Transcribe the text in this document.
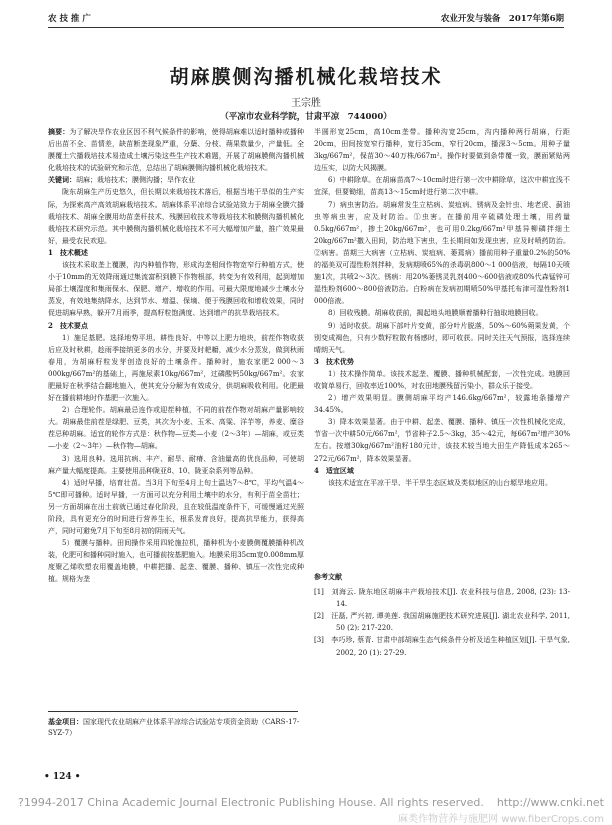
农 技 推 广	农业开发与装备　2017年第6期
胡麻膜侧沟播机械化栽培技术
王宗胜
（平凉市农业科学院，甘肃平凉　744000）

摘要：为了解决旱作农业区因不利气候条件的影响，使得胡麻难以适时播种或播种后出苗不全、苗情差，缺苗断垄现象严重，分蘖、分枝、蒴果数量少，产量低。全膜覆土穴播栽培技术易造成土壤污染这些生产技术难题，开展了胡麻膜侧沟播机械化栽培技术的试验研究和示范，总结出了胡麻膜侧沟播机械化栽培技术。

关键词：胡麻；栽培技术；膜侧沟播；旱作农业

陇东胡麻生产历史悠久，但长期以来栽培技术落后，根据当地干旱似的生产实际，为探索高产高效胡麻栽培技术。胡麻体系平凉综合试验站致力于胡麻全膜穴播栽培技术、胡麻全膜用幼苗垄秆技术、残膜回收技术等栽培技术和膜侧沟播机械化栽培技术研究示范。其中膜侧沟播机械化栽培技术不可大幅增加产量，推广效果最好，最受农民欢迎。

1　技术概述

该技术采取垄上覆膜，沟内种植作物，形成沟垄相间作物宽窄行种植方式，使小于10mm的无效降雨通过集流富积到膜下作物根部，转变为有效利用，起到增加局部土壤湿度和集雨保水、保肥、增产、增收的作用。可最大限度地减少土壤水分蒸发，有效地集纳降水，达到节水、增温、保墒、便于残膜回收和增收效果，同时促进胡麻早熟，躲开7月雨季，提高籽粒饱满度、达到增产的抗旱栽培技术。

2　技术要点

1）施足基肥。选择地势平坦、耕性良好、中等以上肥力地块，前茬作物收获后应及时秋耕，趁雨季接纳更多的水分，并要及时耙耱，减少水分蒸发，做到秋雨春用，为胡麻籽粒发芽创造良好的土壤条件。播种时，施农家肥2 000～3 000kg/667m²的基础上，再施尿素10kg/667m²，过磷酸钙50kg/667m²。农家肥最好在秋季结合翻地施入，使其充分分解为有效成分，供胡麻吸收利用。化肥最好在播前耕地时作基肥一次施入。

2）合理轮作。胡麻最忌连作或迎茬种植，不同的前茬作物对胡麻产量影响较大。胡麻最佳前茬是绿肥、豆类，其次为小麦、玉米、高粱、洋芋等，养麦、糜谷茬忌种胡麻。适宜的轮作方式是：秋作物—豆类—小麦（2～3年）—胡麻，或豆类—小麦（2～3年）—秋作物—胡麻。

3）选用良种。选用抗病、丰产、耐旱、耐瘠、含油量高的优良品种，可使胡麻产量大幅度提高。主要使用品种陇亚8、10、陇亚杂系列等品种。

4）适时早播，培育壮苗。当3月下旬至4月上旬土温达7～8℃，平均气温4～5℃即可播种。适时早播，一方面可以充分利用土壤中的水分，有利于苗全苗壮；另一方面胡麻在出土前就已通过春化阶段，且在较低温度条件下，可缓慢通过光照阶段，具有更充分的时间进行营养生长，根系发育良好，提高抗旱能力，获得高产，同时可避免7月下旬至8月初的阴雨天气。

5）覆膜与播种。田间操作采用四轮施拉机，播种机为小麦膜侧覆膜播种机改装，化肥可和播种同时施入，也可播前按基肥施入。地膜采用35cm宽0.008mm厚度聚乙烯吹塑农用覆盖地膜，中耕把播、起垄、覆膜、播种、镇压一次性完成种植。规格为垄

半圆形宽25cm，高10cm垄带。播种沟宽25cm，沟内播种两行胡麻，行距20cm，田间按宽窄行播种，宽行35cm，窄行20cm，播深3～5cm。用种子量3kg/667m²，保苗30～40万株/667m²。操作时要做到条带覆一致，膜面紧贴两边压实，以防大风揭膜。

6）中耕除草。在胡麻苗高7～10cm时进行第一次中耕除草，这次中耕宜浅不宜深，但要锄细，苗高13～15cm时进行第二次中耕。

7）病虫害防治。胡麻常发生立枯病、炭疽病、锈病及金针虫、地老虎、蓟油虫等病虫害，应及时防治。①虫害。在播前用辛硫磷处理土壤，用药量0.5kg/667m²，掺土20kg/667m²，也可用0.2kg/667m²甲基异柳磷拌细土20kg/667m²撒入田间，防治地下害虫，生长期间如发现虫害，应及时喷药防治。②病害。苗期三大病害（立枯病、炭疽病、萎蔫病）播前用种子重量0.2%的50%的福美双可湿性粉剂拌种，发病期喷65%的杀毒矾800～1 000倍液，每隔10天喷施1次，共喷2～3次。锈病：用20%萎锈灵乳剂400～600倍液或80%代森锰锌可湿性粉剂600～800倍液防治。白粉病在发病初期喷50%甲基托布津可湿性粉剂1 000倍液。

8）回收残膜。胡麻收获前，揭起地头地膜顺着播种行抽取地膜回收。

9）适时收获。胡麻下部叶片变黄，部分叶片脱落，50%～60%蒴果发黄，个别变成褐色，只有少数籽粒散有杨感时，即可收获。同时关注天气预报，选择连续晴朗天气。

3　技术优势

1）技术操作简单。该技术起垄、覆膜、播种机械配套，一次性完成。地膜回收简单易行，回收率近100%，对农田地膜残留污染小，群众乐于接受。

2）增产效果明显。膜侧胡麻平均产146.6kg/667m²，较露地条播增产34.45%。

3）降本效果显著。由于中耕、起垄、覆膜、播种、镇压一次性机械化完成，节省一次中耕50元/667m²，节省种子2.5～3kg，35～42元，每667m²增产30%左右。按增30kg/667m²油籽180元计，该技术较当地大田生产降低成本265～272元/667m²，降本效果显著。

4　适宜区域

该技术适宜在平凉干旱、半干旱生态区域及类似地区的山台塬旱地应用。

参考文献

[1]　刘海云. 陇东地区胡麻丰产栽培技术[J]. 农业科技与信息, 2008, (23): 13-14.

[2]　汪磊, 严兴初, 谭美莲. 我国胡麻施肥技术研究进展[J]. 湖北农业科学, 2011, 50 (2): 217-220.

[3]　李巧珍, 蔡青. 甘肃中部胡麻生态气候条件分析及适生种植区划[J]. 干旱气象, 2002, 20 (1): 27-29.

基金项目：国家现代农业胡麻产业体系平凉综合试验站专项资金资助（CARS-17-SYZ-7）
• 124 •
?1994-2017 China Academic Journal Electronic Publishing House. All rights reserved. http://www.cnki.net
麻类作物营养与施肥网 www.fiberCrops.com
